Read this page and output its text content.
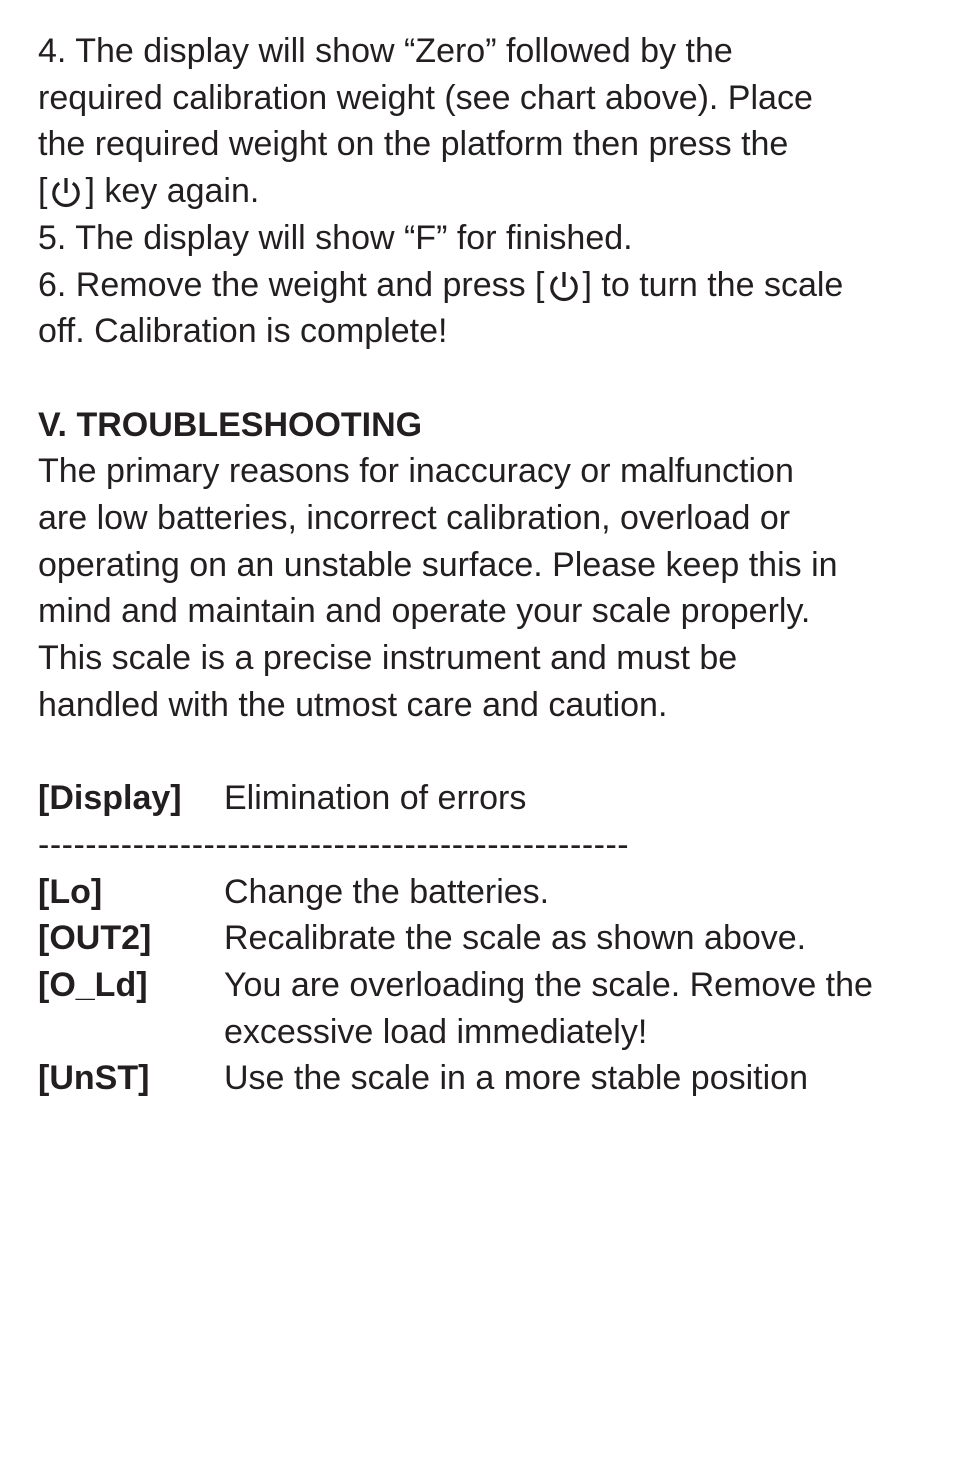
4. The display will show “Zero” followed by the
required calibration weight (see chart above). Place
the required weight on the platform then press the
[ ] key again.
5. The display will show “F” for finished.
6. Remove the weight and press [ ] to turn the scale
off. Calibration is complete!
V. TROUBLESHOOTING
The primary reasons for inaccuracy or malfunction
are low batteries, incorrect calibration, overload or
operating on an unstable surface. Please keep this in
mind and maintain and operate your scale properly.
This scale is a precise instrument and must be
handled with the utmost care and caution.
[Display]	Elimination of errors
--------------------------------------------------
[Lo]	Change the batteries.
[OUT2]	Recalibrate the scale as shown above.
[O_Ld]	You are overloading the scale. Remove the
excessive load immediately!
[UnST]	Use the scale in a more stable position
